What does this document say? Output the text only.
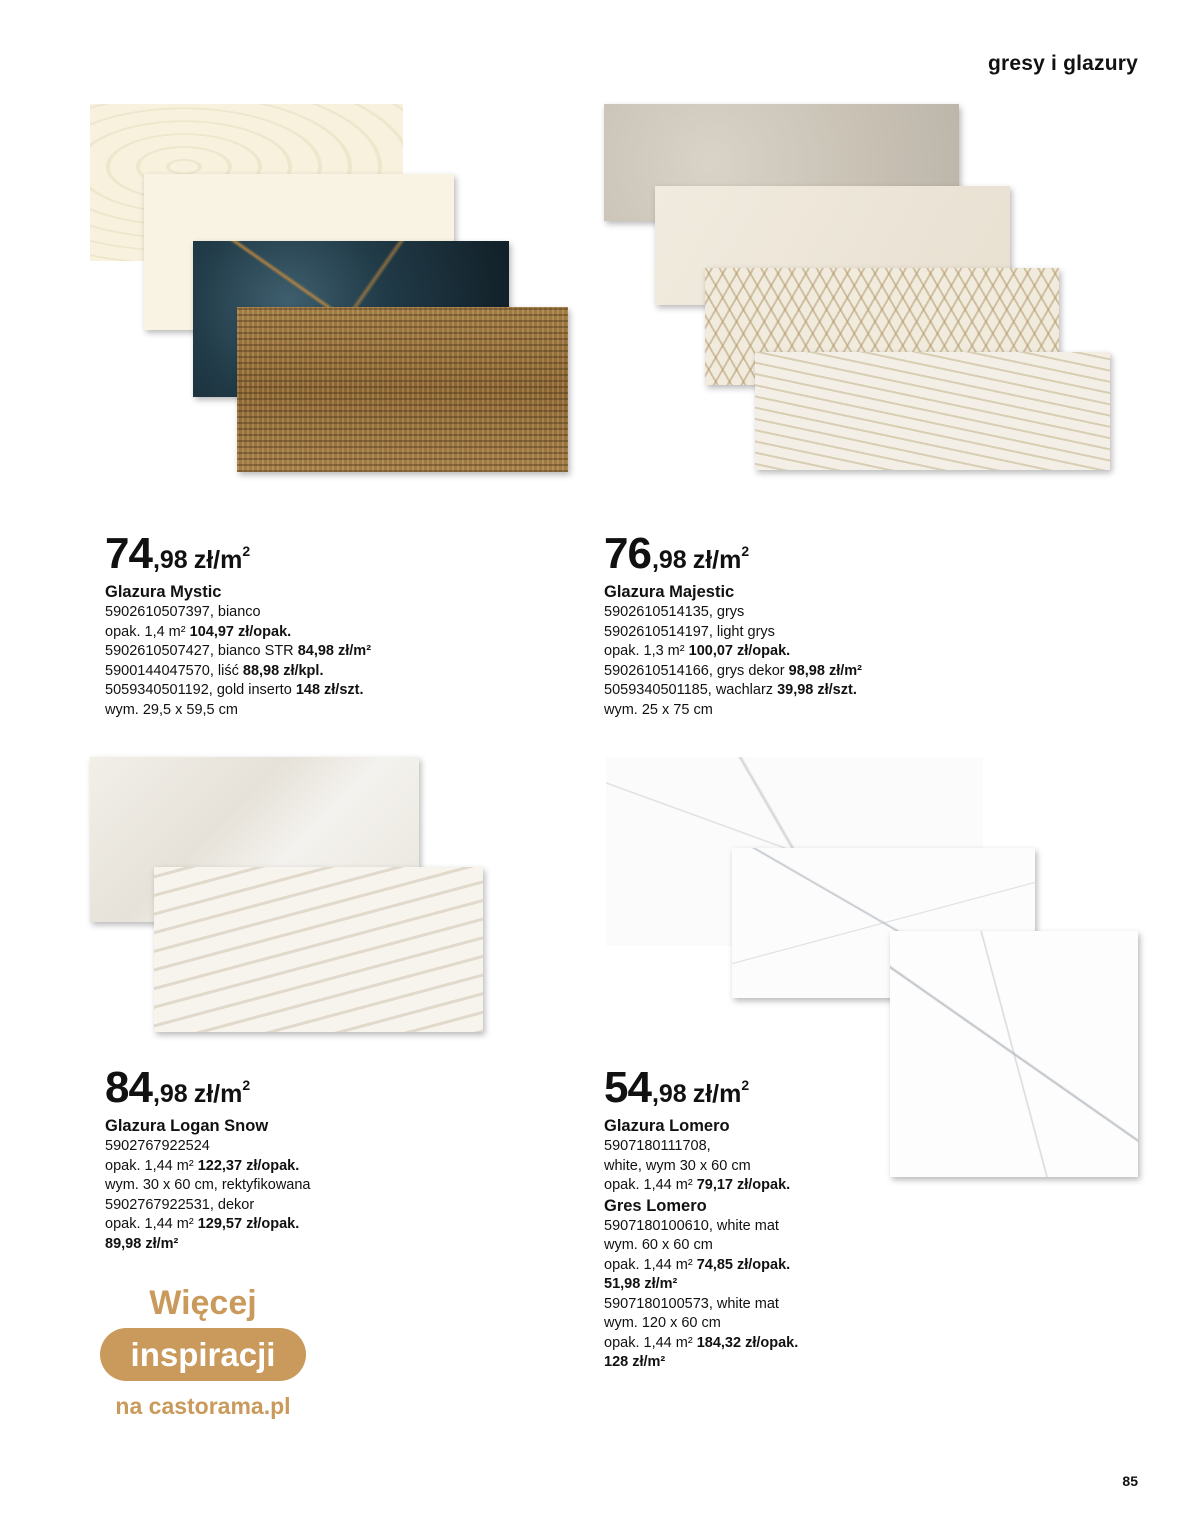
gresy i glazury
74 ,98 $zł/m^2$
Glazura Mystic
5902610507397, bianco
opak. 1,4 m² 104,97 zł/opak.
5902610507427, bianco STR 84,98 zł/m²
5900144047570, liść 88,98 zł/kpl.
5059340501192, gold inserto 148 zł/szt.
wym. 29,5 x 59,5 cm
76 ,98 $zł/m^2$
Glazura Majestic
5902610514135, grys
5902610514197, light grys
opak. 1,3 m² 100,07 zł/opak.
5902610514166, grys dekor 98,98 zł/m²
5059340501185, wachlarz 39,98 zł/szt.
wym. 25 x 75 cm
84 ,98 $zł/m^2$
Glazura Logan Snow
5902767922524
opak. 1,44 m² 122,37 zł/opak.
wym. 30 x 60 cm, rektyfikowana
5902767922531, dekor
opak. 1,44 m² 129,57 zł/opak.
89,98 zł/m²
54 ,98 $zł/m^2$
Glazura Lomero
5907180111708,
white, wym 30 x 60 cm
opak. 1,44 m² 79,17 zł/opak.
Gres Lomero
5907180100610, white mat
wym. 60 x 60 cm
opak. 1,44 m² 74,85 zł/opak.
51,98 zł/m²
5907180100573, white mat
wym. 120 x 60 cm
opak. 1,44 m² 184,32 zł/opak.
128 zł/m²
Więcej
inspiracji
na castorama.pl
85
